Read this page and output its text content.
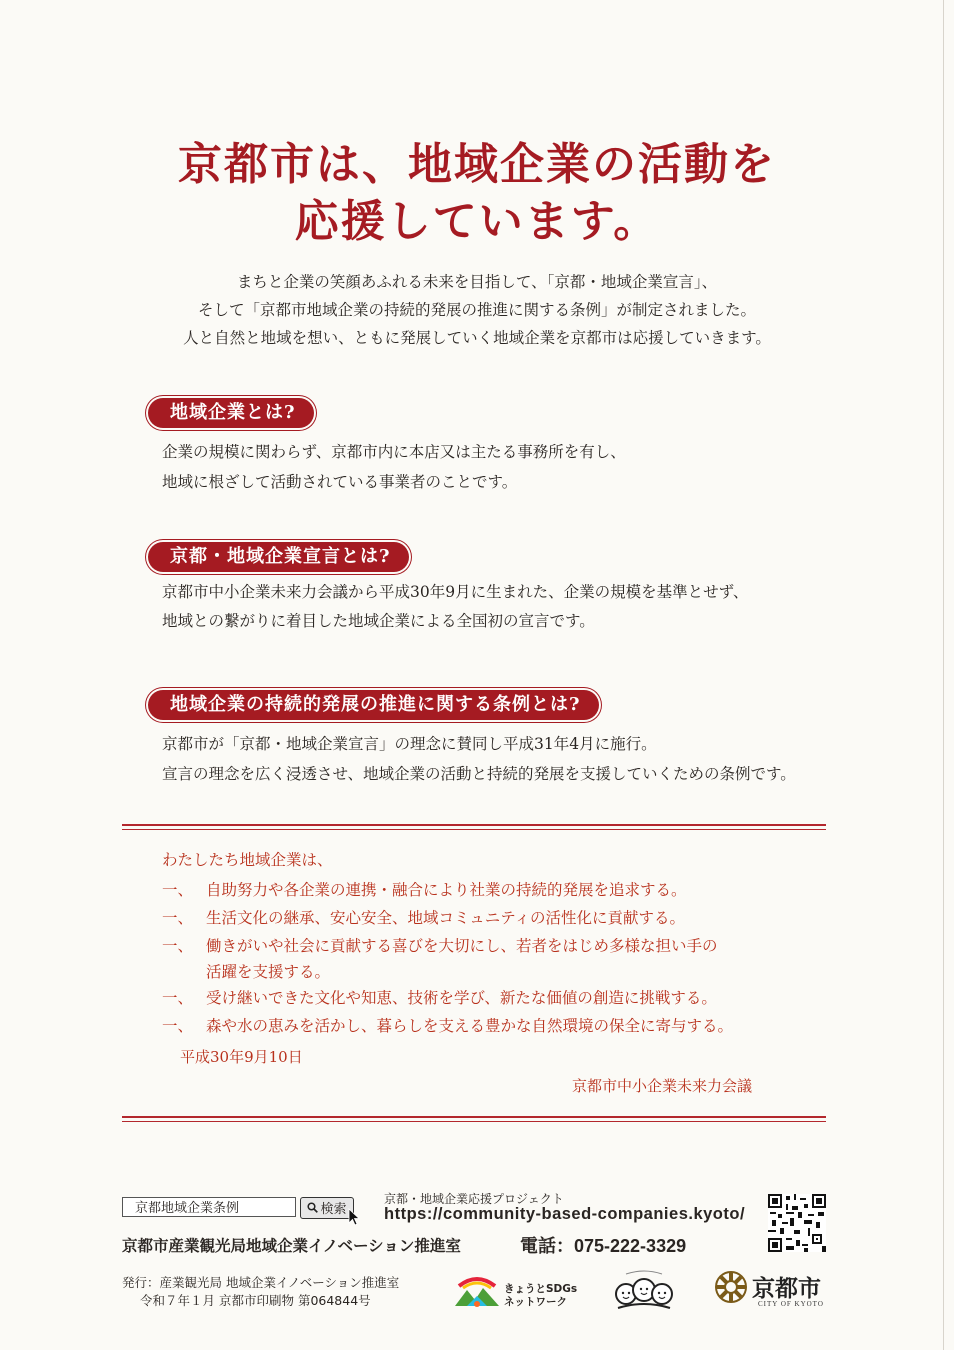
京都市は、地域企業の活動を
応援しています。
まちと企業の笑顔あふれる未来を目指して、「京都・地域企業宣言」、
そして「京都市地域企業の持続的発展の推進に関する条例」が制定されました。
人と自然と地域を想い、ともに発展していく地域企業を京都市は応援していきます。
地域企業とは?
企業の規模に関わらず、京都市内に本店又は主たる事務所を有し、
地域に根ざして活動されている事業者のことです。
京都・地域企業宣言とは?
京都市中小企業未来力会議から平成30年9月に生まれた、企業の規模を基準とせず、
地域との繋がりに着目した地域企業による全国初の宣言です。
地域企業の持続的発展の推進に関する条例とは?
京都市が「京都・地域企業宣言」の理念に賛同し平成31年4月に施行。
宣言の理念を広く浸透させ、地域企業の活動と持続的発展を支援していくための条例です。
わたしたち地域企業は、
一、 自助努力や各企業の連携・融合により社業の持続的発展を追求する。
一、 生活文化の継承、安心安全、地域コミュニティの活性化に貢献する。
一、 働きがいや社会に貢献する喜びを大切にし、若者をはじめ多様な担い手の
活躍を支援する。
一、 受け継いできた文化や知恵、技術を学び、新たな価値の創造に挑戦する。
一、 森や水の恵みを活かし、暮らしを支える豊かな自然環境の保全に寄与する。
平成30年9月10日
京都市中小企業未来力会議
京都地域企業条例	検索
京都・地域企業応援プロジェクト
https://community-based-companies.kyoto/
京都市産業観光局地域企業イノベーション推進室	電話：075-222-3329
発行：産業観光局 地域企業イノベーション推進室
令和７年１月 京都市印刷物 第064844号
きょうとSDGs
ネットワーク	京都市
CITY OF KYOTO
